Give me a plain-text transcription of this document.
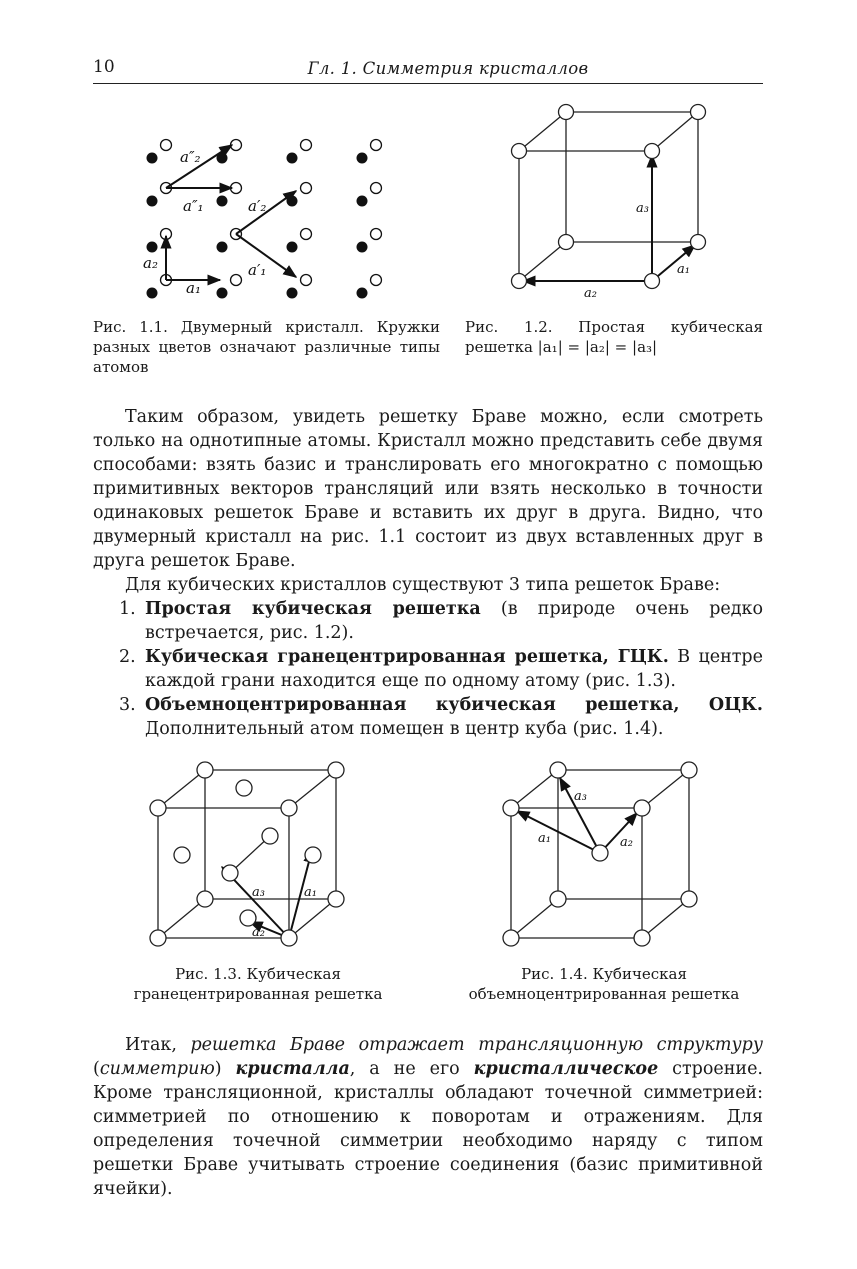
10	Гл. 1. Симметрия кристаллов
a″₂
a″₁	a′₂
a′₁
a₂
a₁
a₃
a₁
a₂
Рис. 1.1. Двумерный кристалл. Кружки разных цветов означают различные типы атомов
Рис. 1.2. Простая кубическая решетка |a₁| = |a₂| = |a₃|

Таким образом, увидеть решетку Браве можно, если смотреть только на однотипные атомы. Кристалл можно представить себе двумя способами: взять базис и транслировать его многократно с помощью примитивных векторов трансляций или взять несколько в точности одинаковых решеток Браве и вставить их друг в друга. Видно, что двумерный кристалл на рис. 1.1 состоит из двух вставленных друг в друга решеток Браве.

Для кубических кристаллов существуют 3 типа решеток Браве:

1. Простая кубическая решетка (в природе очень редко встречается, рис. 1.2).
2. Кубическая гранецентрированная решетка, ГЦК. В центре каждой грани находится еще по одному атому (рис. 1.3).
3. Объемноцентрированная кубическая решетка, ОЦК. Дополнительный атом помещен в центр куба (рис. 1.4).
a₃	a₁
a₂
a₃
a₁	a₂
Рис. 1.3. Кубическая гранецентрированная решетка
Рис. 1.4. Кубическая объемноцентрированная решетка

Итак, решетка Браве отражает трансляционную структуру (симметрию) кристалла, а не его кристаллическое строение. Кроме трансляционной, кристаллы обладают точечной симметрией: симметрией по отношению к поворотам и отражениям. Для определения точечной симметрии необходимо наряду с типом решетки Браве учитывать строение соединения (базис примитивной ячейки).
